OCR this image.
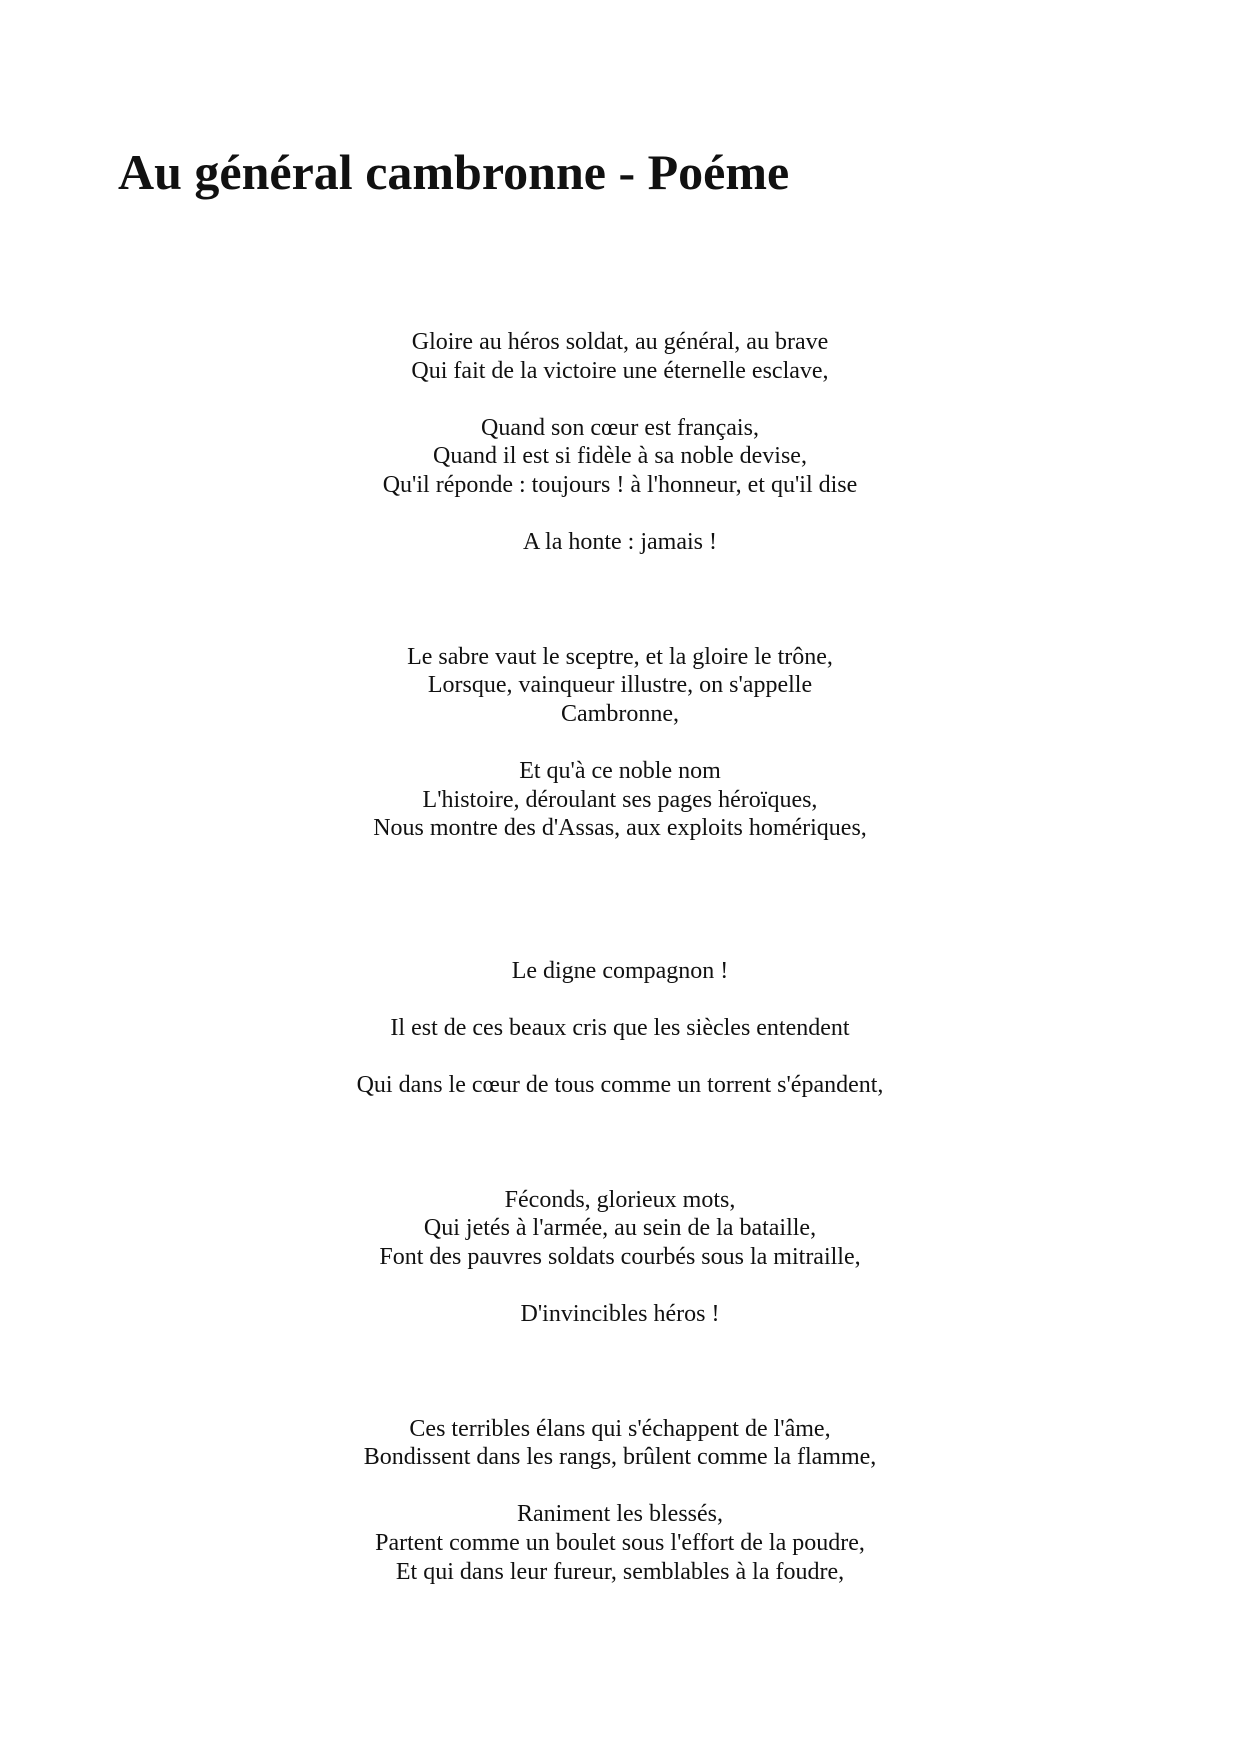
Au général cambronne - Poéme
Gloire au héros soldat, au général, au brave
Qui fait de la victoire une éternelle esclave,
Quand son cœur est français,
Quand il est si fidèle à sa noble devise,
Qu'il réponde : toujours ! à l'honneur, et qu'il dise
A la honte : jamais !
Le sabre vaut le sceptre, et la gloire le trône,
Lorsque, vainqueur illustre, on s'appelle
Cambronne,
Et qu'à ce noble nom
L'histoire, déroulant ses pages héroïques,
Nous montre des d'Assas, aux exploits homériques,
Le digne compagnon !
Il est de ces beaux cris que les siècles entendent
Qui dans le cœur de tous comme un torrent s'épandent,
Féconds, glorieux mots,
Qui jetés à l'armée, au sein de la bataille,
Font des pauvres soldats courbés sous la mitraille,
D'invincibles héros !
Ces terribles élans qui s'échappent de l'âme,
Bondissent dans les rangs, brûlent comme la flamme,
Raniment les blessés,
Partent comme un boulet sous l'effort de la poudre,
Et qui dans leur fureur, semblables à la foudre,
